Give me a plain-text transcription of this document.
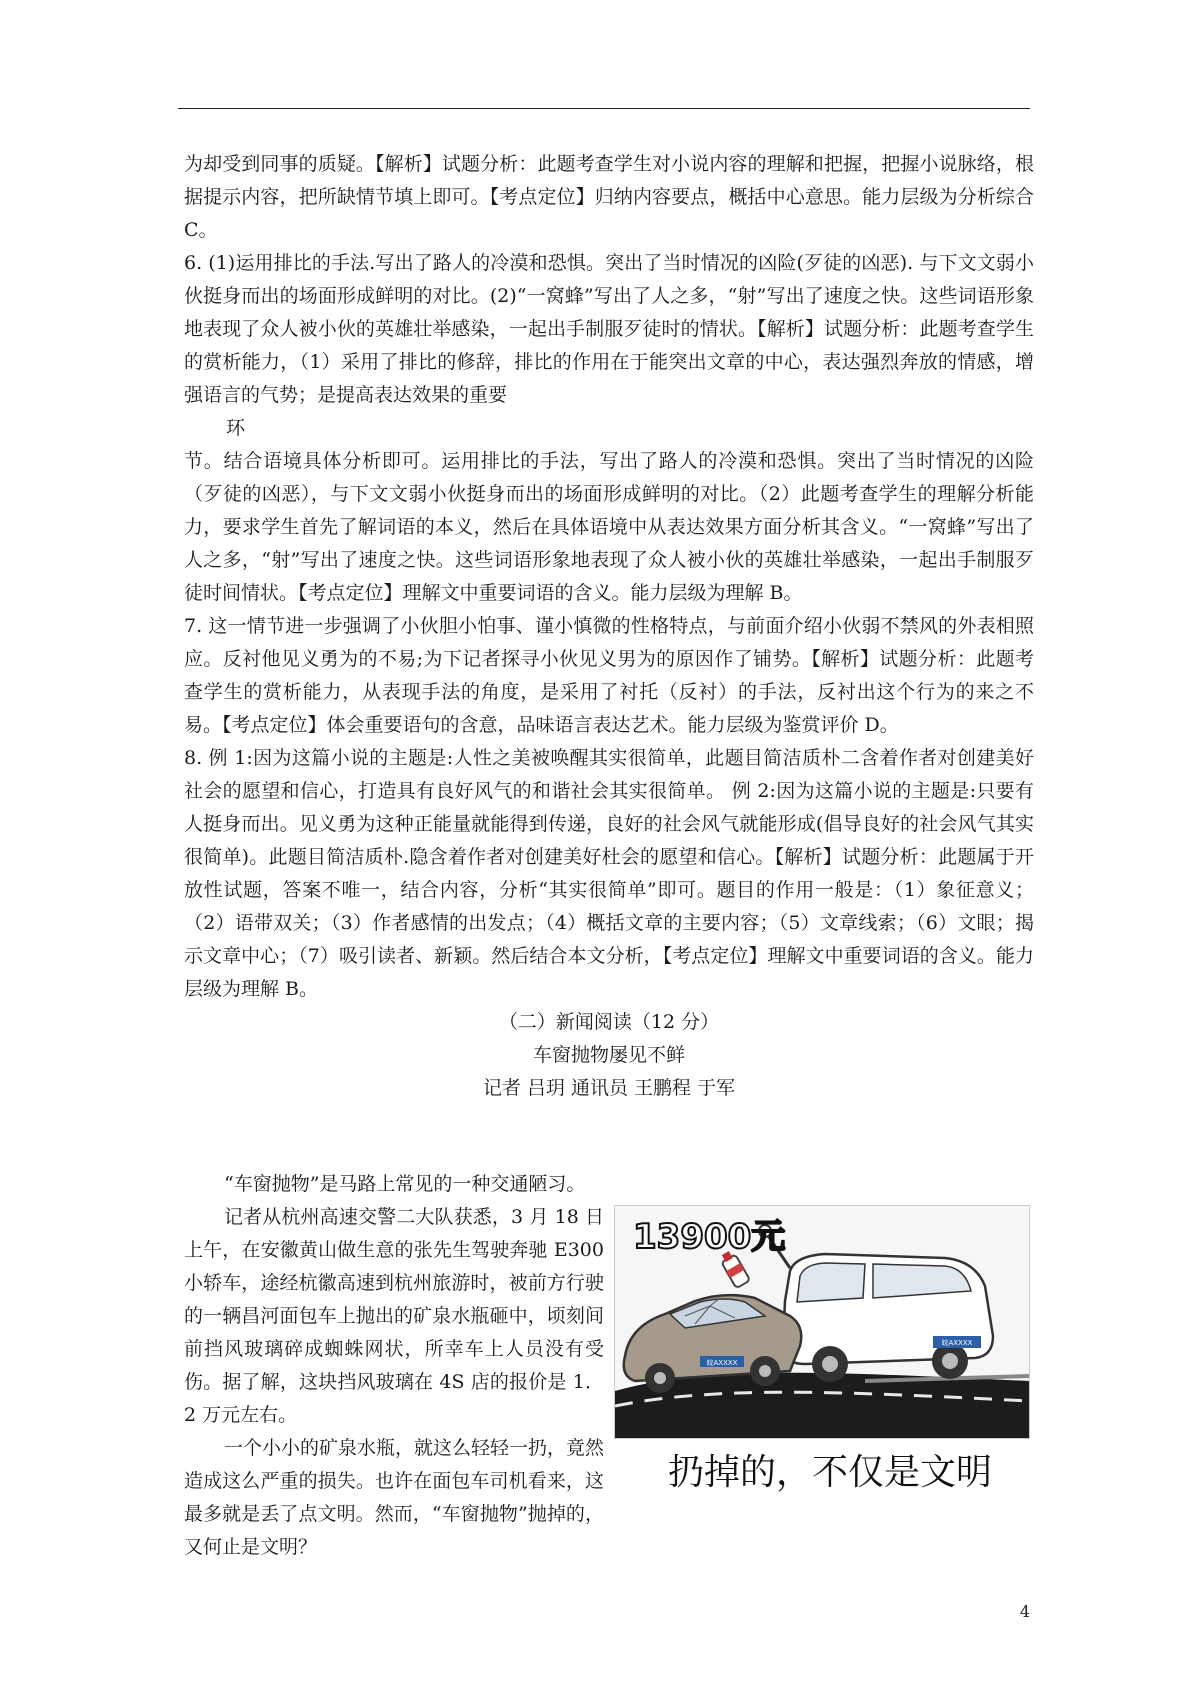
为却受到同事的质疑。【解析】试题分析：此题考查学生对小说内容的理解和把握，把握小说脉络，根据提示内容，把所缺情节填上即可。【考点定位】归纳内容要点，概括中心意思。能力层级为分析综合 C。

6. (1)运用排比的手法.写出了路人的冷漠和恐惧。突出了当时情况的凶险(歹徒的凶恶). 与下文文弱小伙挺身而出的场面形成鲜明的对比。(2)“一窝蜂”写出了人之多，“射”写出了速度之快。这些词语形象地表现了众人被小伙的英雄壮举感染，一起出手制服歹徒时的情状。【解析】试题分析：此题考查学生的赏析能力，（1）采用了排比的修辞，排比的作用在于能突出文章的中心，表达强烈奔放的情感，增强语言的气势；是提高表达效果的重要

环

节。结合语境具体分析即可。运用排比的手法，写出了路人的冷漠和恐惧。突出了当时情况的凶险（歹徒的凶恶），与下文文弱小伙挺身而出的场面形成鲜明的对比。（2）此题考查学生的理解分析能力，要求学生首先了解词语的本义，然后在具体语境中从表达效果方面分析其含义。“一窝蜂”写出了人之多，“射”写出了速度之快。这些词语形象地表现了众人被小伙的英雄壮举感染，一起出手制服歹徒时间情状。【考点定位】理解文中重要词语的含义。能力层级为理解 B。

7. 这一情节进一步强调了小伙胆小怕事、谨小慎微的性格特点，与前面介绍小伙弱不禁风的外表相照应。反衬他见义勇为的不易;为下记者探寻小伙见义男为的原因作了铺势。【解析】试题分析：此题考查学生的赏析能力，从表现手法的角度，是采用了衬托（反衬）的手法，反衬出这个行为的来之不易。【考点定位】体会重要语句的含意，品味语言表达艺术。能力层级为鉴赏评价 D。

8. 例 1:因为这篇小说的主题是:人性之美被唤醒其实很简单，此题目简洁质朴二含着作者对创建美好社会的愿望和信心，打造具有良好风气的和谐社会其实很简单。 例 2:因为这篇小说的主题是:只要有人挺身而出。见义勇为这种正能量就能得到传递，良好的社会风气就能形成(倡导良好的社会风气其实很简单)。此题目简洁质朴.隐含着作者对创建美好杜会的愿望和信心。【解析】试题分析：此题属于开放性试题，答案不唯一，结合内容，分析“其实很简单”即可。题目的作用一般是：（1）象征意义；（2）语带双关；（3）作者感情的出发点；（4）概括文章的主要内容；（5）文章线索；（6）文眼；揭示文章中心；（7）吸引读者、新颖。然后结合本文分析，【考点定位】理解文中重要词语的含义。能力层级为理解 B。

（二）新闻阅读（12 分）

车窗抛物屡见不鲜

记者 吕玥 通讯员 王鹏程 于军

“车窗抛物”是马路上常见的一种交通陋习。

皖AXXXX
皖AXXXX
13900元
扔掉的，不仅是文明

记者从杭州高速交警二大队获悉，3 月 18 日上午，在安徽黄山做生意的张先生驾驶奔驰 E300 小轿车，途经杭徽高速到杭州旅游时，被前方行驶的一辆昌河面包车上抛出的矿泉水瓶砸中，顷刻间前挡风玻璃碎成蜘蛛网状，所幸车上人员没有受伤。据了解，这块挡风玻璃在 4S 店的报价是 1．2 万元左右。

一个小小的矿泉水瓶，就这么轻轻一扔，竟然造成这么严重的损失。也许在面包车司机看来，这最多就是丢了点文明。然而，“车窗抛物”抛掉的，又何止是文明？

4
